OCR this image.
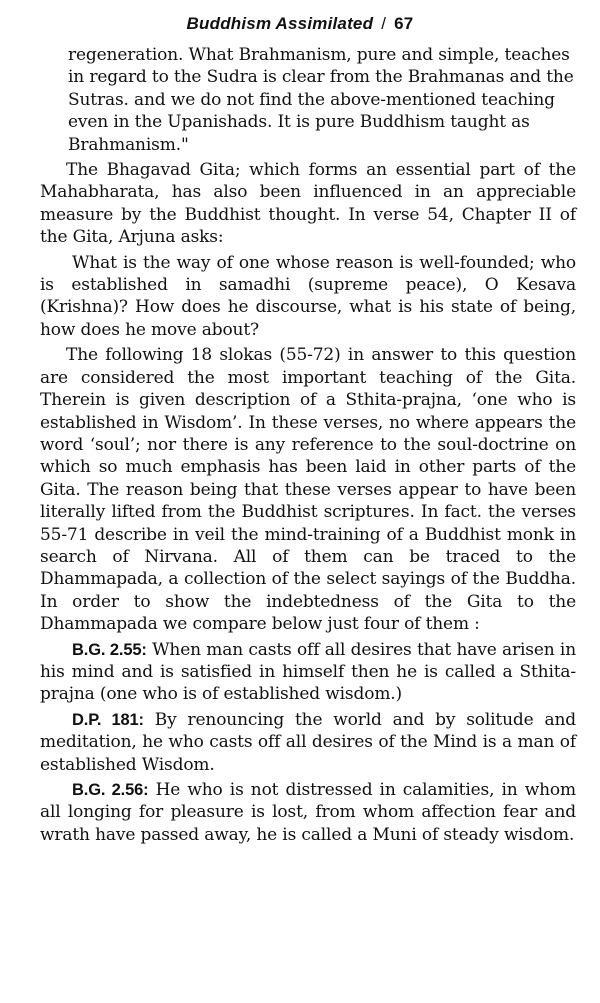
Buddhism Assimilated / 67

regeneration. What Brahmanism, pure and simple, teaches in regard to the Sudra is clear from the Brahmanas and the Sutras. and we do not find the above-mentioned teaching even in the Upanishads. It is pure Buddhism taught as Brahmanism."

The Bhagavad Gita; which forms an essential part of the Mahabharata, has also been influenced in an appreciable measure by the Buddhist thought. In verse 54, Chapter II of the Gita, Arjuna asks:

What is the way of one whose reason is well-founded; who is established in samadhi (supreme peace), O Kesava (Krishna)? How does he discourse, what is his state of being, how does he move about?

The following 18 slokas (55-72) in answer to this question are considered the most important teaching of the Gita. Therein is given description of a Sthita-prajna, ‘one who is established in Wisdom’. In these verses, no where appears the word ‘soul’; nor there is any reference to the soul-doctrine on which so much emphasis has been laid in other parts of the Gita. The reason being that these verses appear to have been literally lifted from the Buddhist scriptures. In fact. the verses 55-71 describe in veil the mind-training of a Buddhist monk in search of Nirvana. All of them can be traced to the Dhammapada, a collection of the select sayings of the Buddha. In order to show the indebtedness of the Gita to the Dhammapada we compare below just four of them :

B.G. 2.55: When man casts off all desires that have arisen in his mind and is satisfied in himself then he is called a Sthita-prajna (one who is of established wisdom.)

D.P. 181: By renouncing the world and by solitude and meditation, he who casts off all desires of the Mind is a man of established Wisdom.

B.G. 2.56: He who is not distressed in calamities, in whom all longing for pleasure is lost, from whom affection fear and wrath have passed away, he is called a Muni of steady wisdom.
